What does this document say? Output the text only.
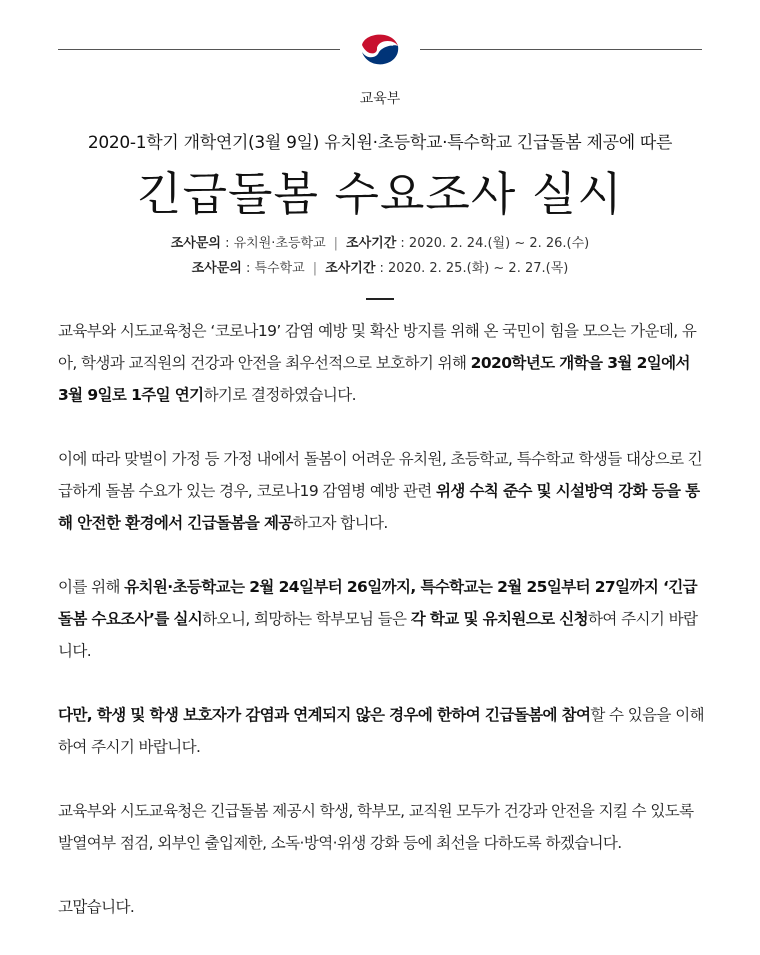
교육부
2020-1학기 개학연기(3월 9일) 유치원·초등학교·특수학교 긴급돌봄 제공에 따른
긴급돌봄 수요조사 실시
조사문의 : 유치원·초등학교 | 조사기간 : 2020. 2. 24.(월) ~ 2. 26.(수)
조사문의 : 특수학교 | 조사기간 : 2020. 2. 25.(화) ~ 2. 27.(목)

교육부와 시도교육청은 ‘코로나19’ 감염 예방 및 확산 방지를 위해 온 국민이 힘을 모으는 가운데, 유아, 학생과 교직원의 건강과 안전을 최우선적으로 보호하기 위해 2020학년도 개학을 3월 2일에서 3월 9일로 1주일 연기하기로 결정하였습니다.

이에 따라 맞벌이 가정 등 가정 내에서 돌봄이 어려운 유치원, 초등학교, 특수학교 학생들 대상으로 긴급하게 돌봄 수요가 있는 경우, 코로나19 감염병 예방 관련 위생 수칙 준수 및 시설방역 강화 등을 통해 안전한 환경에서 긴급돌봄을 제공하고자 합니다.

이를 위해 유치원·초등학교는 2월 24일부터 26일까지, 특수학교는 2월 25일부터 27일까지 ‘긴급돌봄 수요조사’를 실시하오니, 희망하는 학부모님 들은 각 학교 및 유치원으로 신청하여 주시기 바랍니다.

다만, 학생 및 학생 보호자가 감염과 연계되지 않은 경우에 한하여 긴급돌봄에 참여할 수 있음을 이해하여 주시기 바랍니다.

교육부와 시도교육청은 긴급돌봄 제공시 학생, 학부모, 교직원 모두가 건강과 안전을 지킬 수 있도록 발열여부 점검, 외부인 출입제한, 소독·방역·위생 강화 등에 최선을 다하도록 하겠습니다.

고맙습니다.
